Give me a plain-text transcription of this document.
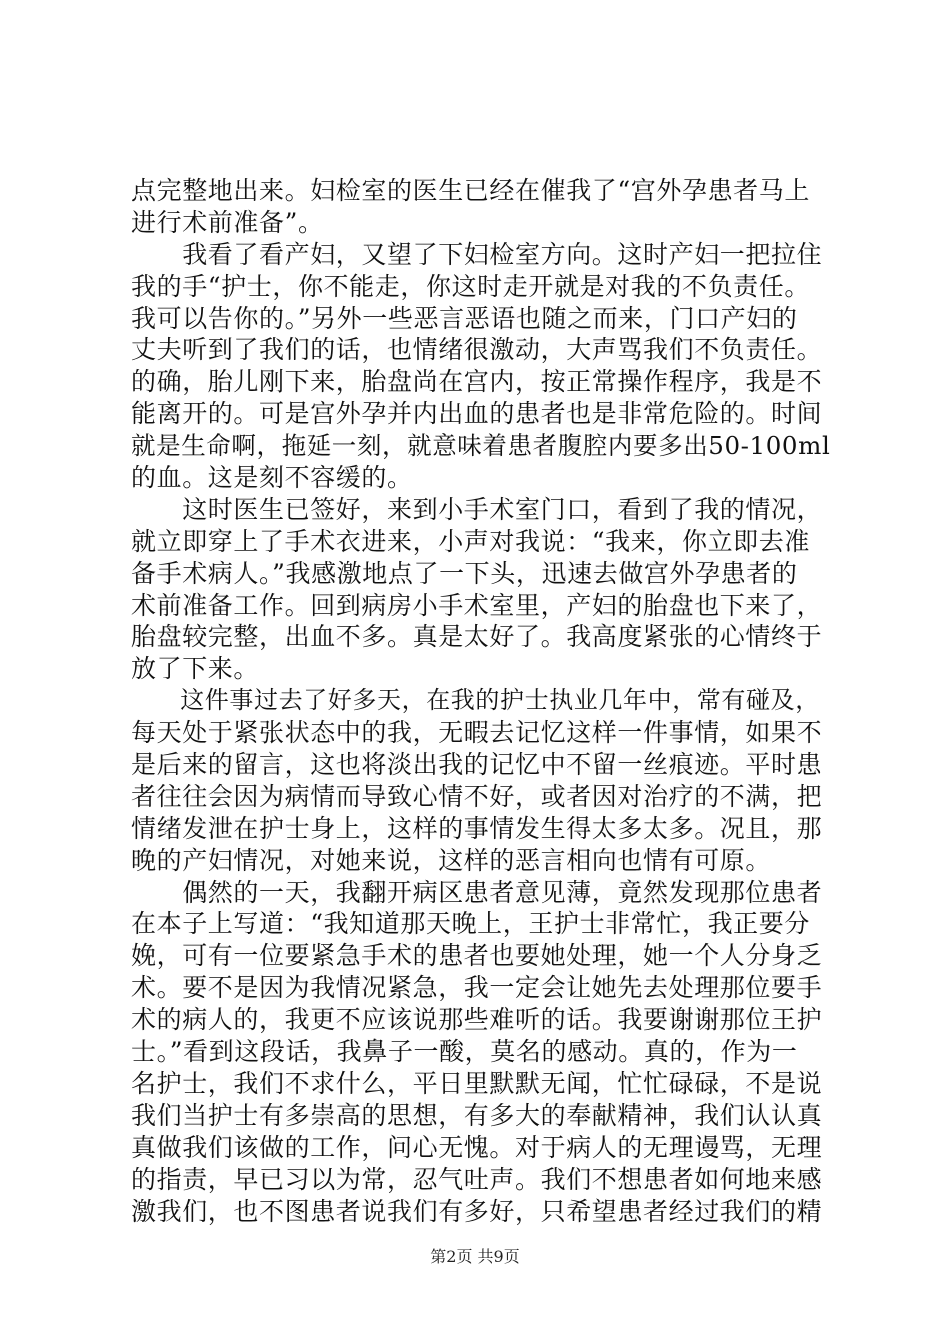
点完整地出来。妇检室的医生已经在催我了“宫外孕患者马上
进行术前准备”。
　　我看了看产妇，又望了下妇检室方向。这时产妇一把拉住
我的手“护士，你不能走，你这时走开就是对我的不负责任。
我可以告你的。”另外一些恶言恶语也随之而来，门口产妇的
丈夫听到了我们的话，也情绪很激动，大声骂我们不负责任。
的确，胎儿刚下来，胎盘尚在宫内，按正常操作程序，我是不
能离开的。可是宫外孕并内出血的患者也是非常危险的。时间
就是生命啊，拖延一刻，就意味着患者腹腔内要多出50-100ml
的血。这是刻不容缓的。
　　这时医生已签好，来到小手术室门口，看到了我的情况，
就立即穿上了手术衣进来，小声对我说：“我来，你立即去准
备手术病人。”我感激地点了一下头，迅速去做宫外孕患者的
术前准备工作。回到病房小手术室里，产妇的胎盘也下来了，
胎盘较完整，出血不多。真是太好了。我高度紧张的心情终于
放了下来。
　　这件事过去了好多天，在我的护士执业几年中，常有碰及，
每天处于紧张状态中的我，无暇去记忆这样一件事情，如果不
是后来的留言，这也将淡出我的记忆中不留一丝痕迹。平时患
者往往会因为病情而导致心情不好，或者因对治疗的不满，把
情绪发泄在护士身上，这样的事情发生得太多太多。况且，那
晚的产妇情况，对她来说，这样的恶言相向也情有可原。
　　偶然的一天，我翻开病区患者意见薄，竟然发现那位患者
在本子上写道：“我知道那天晚上，王护士非常忙，我正要分
娩，可有一位要紧急手术的患者也要她处理，她一个人分身乏
术。要不是因为我情况紧急，我一定会让她先去处理那位要手
术的病人的，我更不应该说那些难听的话。我要谢谢那位王护
士。”看到这段话，我鼻子一酸，莫名的感动。真的，作为一
名护士，我们不求什么，平日里默默无闻，忙忙碌碌，不是说
我们当护士有多崇高的思想，有多大的奉献精神，我们认认真
真做我们该做的工作，问心无愧。对于病人的无理谩骂，无理
的指责，早已习以为常，忍气吐声。我们不想患者如何地来感
激我们，也不图患者说我们有多好，只希望患者经过我们的精
第2页 共9页
